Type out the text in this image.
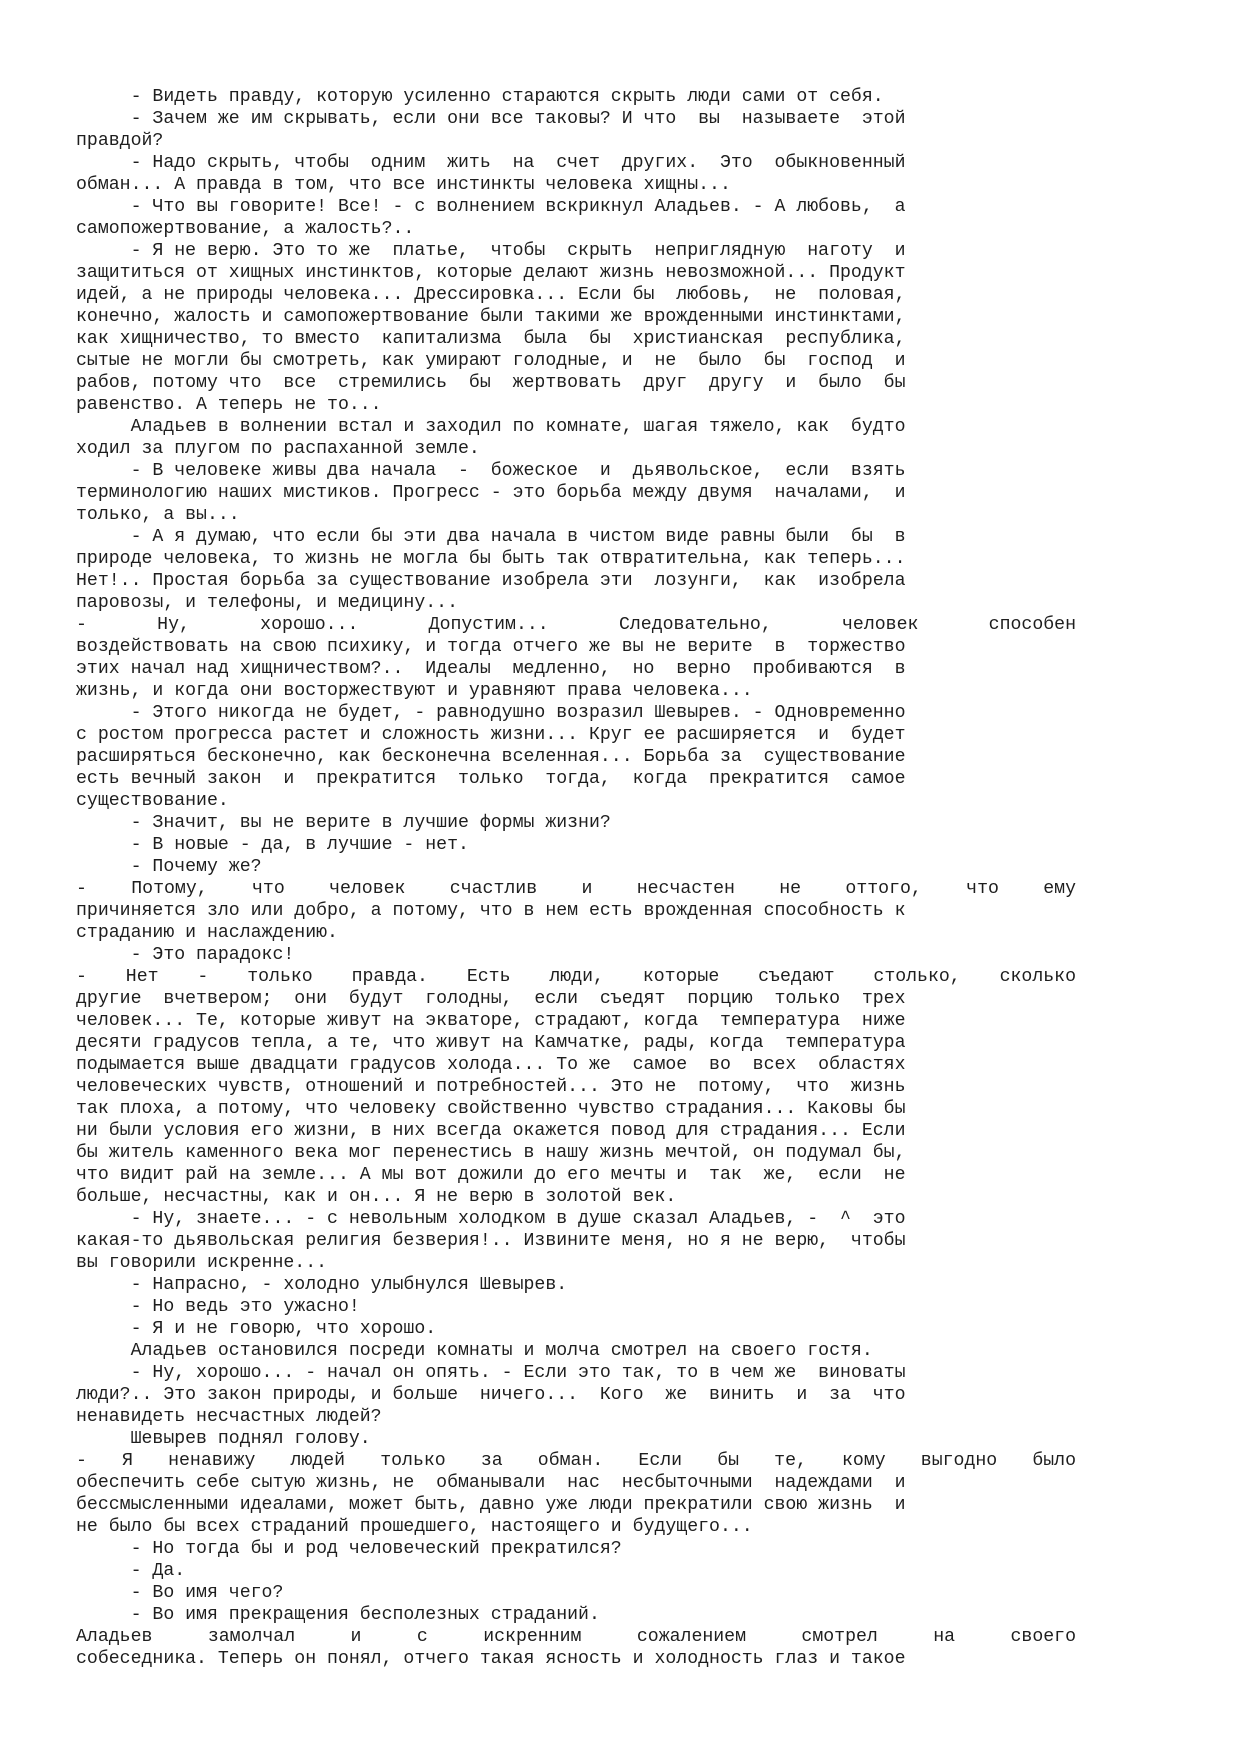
- Видеть правду, которую усиленно стараются скрыть люди сами от себя.
- Зачем же им скрывать, если они все таковы? И что  вы  называете  этой
правдой?
- Надо скрыть, чтобы  одним  жить  на  счет  других.  Это  обыкновенный
обман... А правда в том, что все инстинкты человека хищны...
- Что вы говорите! Все! - с волнением вскрикнул Аладьев. - А любовь,  а
самопожертвование, а жалость?..
- Я не верю. Это то же  платье,  чтобы  скрыть  неприглядную  наготу  и
защититься от хищных инстинктов, которые делают жизнь невозможной... Продукт
идей, а не природы человека... Дрессировка... Если бы  любовь,  не  половая,
конечно, жалость и самопожертвование были такими же врожденными инстинктами,
как хищничество, то вместо  капитализма  была  бы  христианская  республика,
сытые не могли бы смотреть, как умирают голодные, и  не  было  бы  господ  и
рабов, потому что  все  стремились  бы  жертвовать  друг  другу  и  было  бы
равенство. А теперь не то...
Аладьев в волнении встал и заходил по комнате, шагая тяжело, как  будто
ходил за плугом по распаханной земле.
- В человеке живы два начала  -  божеское  и  дьявольское,  если  взять
терминологию наших мистиков. Прогресс - это борьба между двумя  началами,  и
только, а вы...
- А я думаю, что если бы эти два начала в чистом виде равны были  бы  в
природе человека, то жизнь не могла бы быть так отвратительна, как теперь...
Нет!.. Простая борьба за существование изобрела эти  лозунги,  как  изобрела
паровозы, и телефоны, и медицину...
- Ну, хорошо... Допустим... Следовательно, человек способен
воздействовать на свою психику, и тогда отчего же вы не верите  в  торжество
этих начал над хищничеством?..  Идеалы  медленно,  но  верно  пробиваются  в
жизнь, и когда они восторжествуют и уравняют права человека...
- Этого никогда не будет, - равнодушно возразил Шевырев. - Одновременно
с ростом прогресса растет и сложность жизни... Круг ее расширяется  и  будет
расширяться бесконечно, как бесконечна вселенная... Борьба за  существование
есть вечный закон  и  прекратится  только  тогда,  когда  прекратится  самое
существование.
- Значит, вы не верите в лучшие формы жизни?
- В новые - да, в лучшие - нет.
- Почему же?
- Потому, что человек счастлив и несчастен не оттого, что ему
причиняется зло или добро, а потому, что в нем есть врожденная способность к
страданию и наслаждению.
- Это парадокс!
- Нет - только правда. Есть люди, которые съедают столько, сколько
другие  вчетвером;  они  будут  голодны,  если  съедят  порцию  только  трех
человек... Те, которые живут на экваторе, страдают, когда  температура  ниже
десяти градусов тепла, а те, что живут на Камчатке, рады, когда  температура
подымается выше двадцати градусов холода... То же  самое  во  всех  областях
человеческих чувств, отношений и потребностей... Это не  потому,  что  жизнь
так плоха, а потому, что человеку свойственно чувство страдания... Каковы бы
ни были условия его жизни, в них всегда окажется повод для страдания... Если
бы житель каменного века мог перенестись в нашу жизнь мечтой, он подумал бы,
что видит рай на земле... А мы вот дожили до его мечты и  так  же,  если  не
больше, несчастны, как и он... Я не верю в золотой век.
- Ну, знаете... - с невольным холодком в душе сказал Аладьев, -  ^  это
какая-то дьявольская религия безверия!.. Извините меня, но я не верю,  чтобы
вы говорили искренне...
- Напрасно, - холодно улыбнулся Шевырев.
- Но ведь это ужасно!
- Я и не говорю, что хорошо.
Аладьев остановился посреди комнаты и молча смотрел на своего гостя.
- Ну, хорошо... - начал он опять. - Если это так, то в чем же  виноваты
люди?.. Это закон природы, и больше  ничего...  Кого  же  винить  и  за  что
ненавидеть несчастных людей?
Шевырев поднял голову.
- Я ненавижу людей только за обман. Если бы те, кому выгодно было
обеспечить себе сытую жизнь, не  обманывали  нас  несбыточными  надеждами  и
бессмысленными идеалами, может быть, давно уже люди прекратили свою жизнь  и
не было бы всех страданий прошедшего, настоящего и будущего...
- Но тогда бы и род человеческий прекратился?
- Да.
- Во имя чего?
- Во имя прекращения бесполезных страданий.
Аладьев замолчал и с искренним сожалением смотрел на своего
собеседника. Теперь он понял, отчего такая ясность и холодность глаз и такое
